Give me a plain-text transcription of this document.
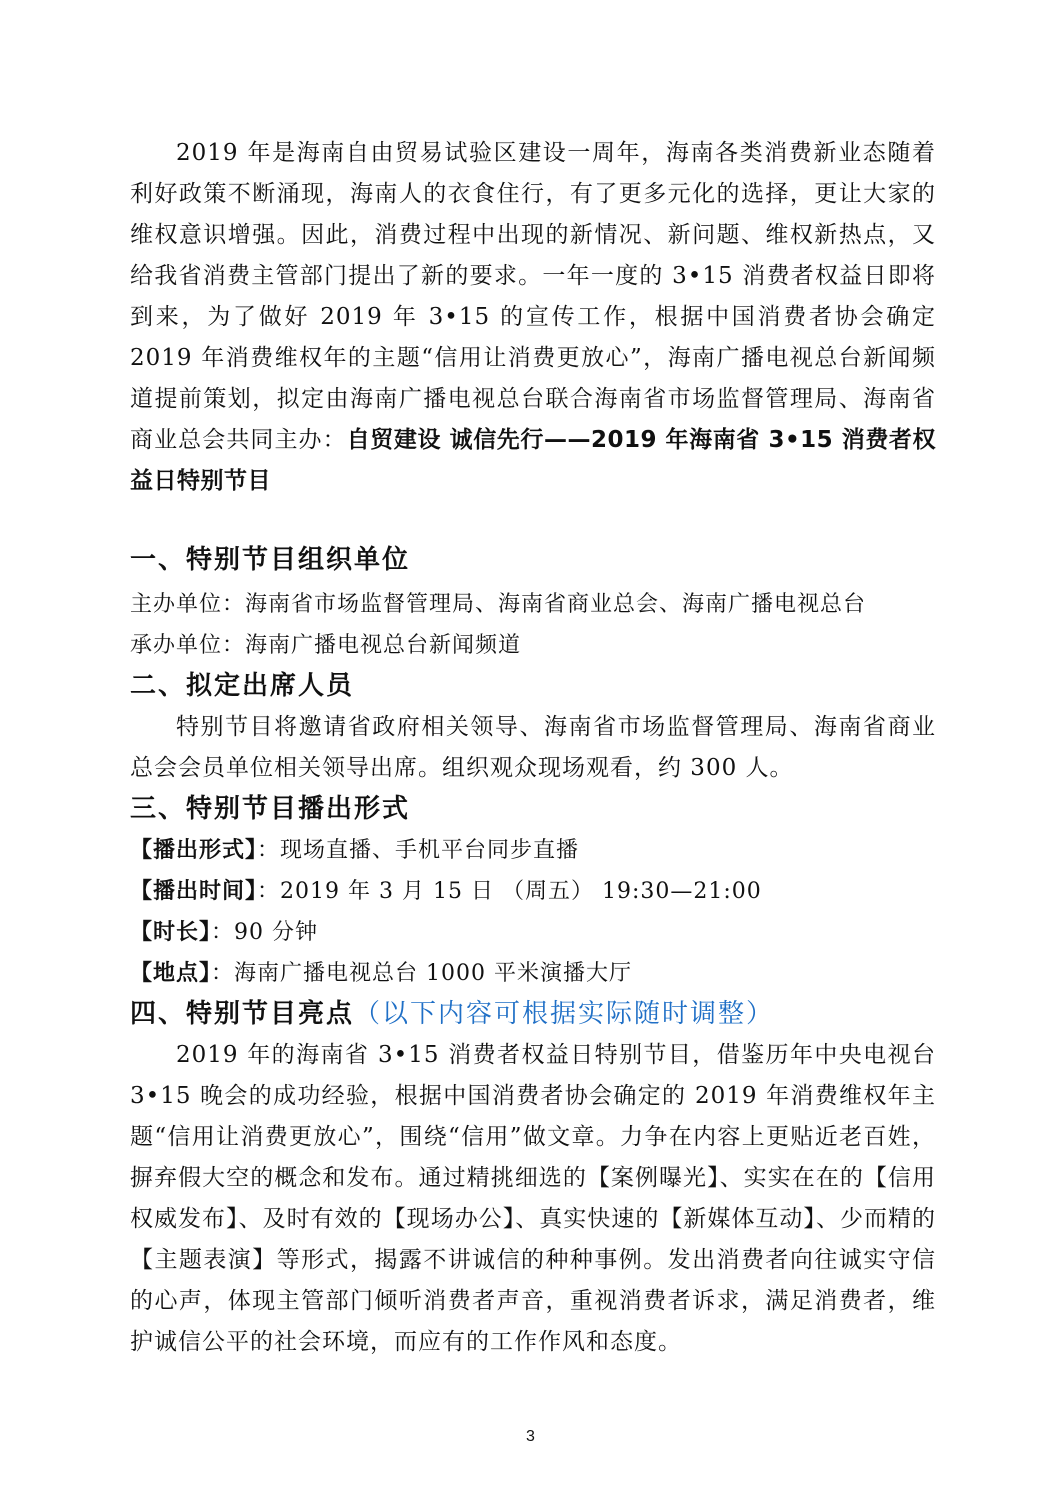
2019 年是海南自由贸易试验区建设一周年，海南各类消费新业态随着利好政策不断涌现，海南人的衣食住行，有了更多元化的选择，更让大家的维权意识增强。因此，消费过程中出现的新情况、新问题、维权新热点，又给我省消费主管部门提出了新的要求。一年一度的 3•15 消费者权益日即将到来，为了做好 2019 年 3•15 的宣传工作，根据中国消费者协会确定 2019 年消费维权年的主题“信用让消费更放心”，海南广播电视总台新闻频道提前策划，拟定由海南广播电视总台联合海南省市场监督管理局、海南省商业总会共同主办：自贸建设 诚信先行——2019 年海南省 3•15 消费者权益日特别节目

一、特别节目组织单位
主办单位：海南省市场监督管理局、海南省商业总会、海南广播电视总台
承办单位：海南广播电视总台新闻频道
二、拟定出席人员

特别节目将邀请省政府相关领导、海南省市场监督管理局、海南省商业总会会员单位相关领导出席。组织观众现场观看，约 300 人。

三、特别节目播出形式
【播出形式】：现场直播、手机平台同步直播
【播出时间】：2019 年 3 月 15 日 （周五） 19:30—21:00
【时长】：90 分钟
【地点】：海南广播电视总台 1000 平米演播大厅
四、特别节目亮点（以下内容可根据实际随时调整）

2019 年的海南省 3•15 消费者权益日特别节目，借鉴历年中央电视台 3•15 晚会的成功经验，根据中国消费者协会确定的 2019 年消费维权年主题“信用让消费更放心”，围绕“信用”做文章。力争在内容上更贴近老百姓，摒弃假大空的概念和发布。通过精挑细选的【案例曝光】、实实在在的【信用权威发布】、及时有效的【现场办公】、真实快速的【新媒体互动】、少而精的【主题表演】等形式，揭露不讲诚信的种种事例。发出消费者向往诚实守信的心声，体现主管部门倾听消费者声音，重视消费者诉求，满足消费者，维护诚信公平的社会环境，而应有的工作作风和态度。

3
